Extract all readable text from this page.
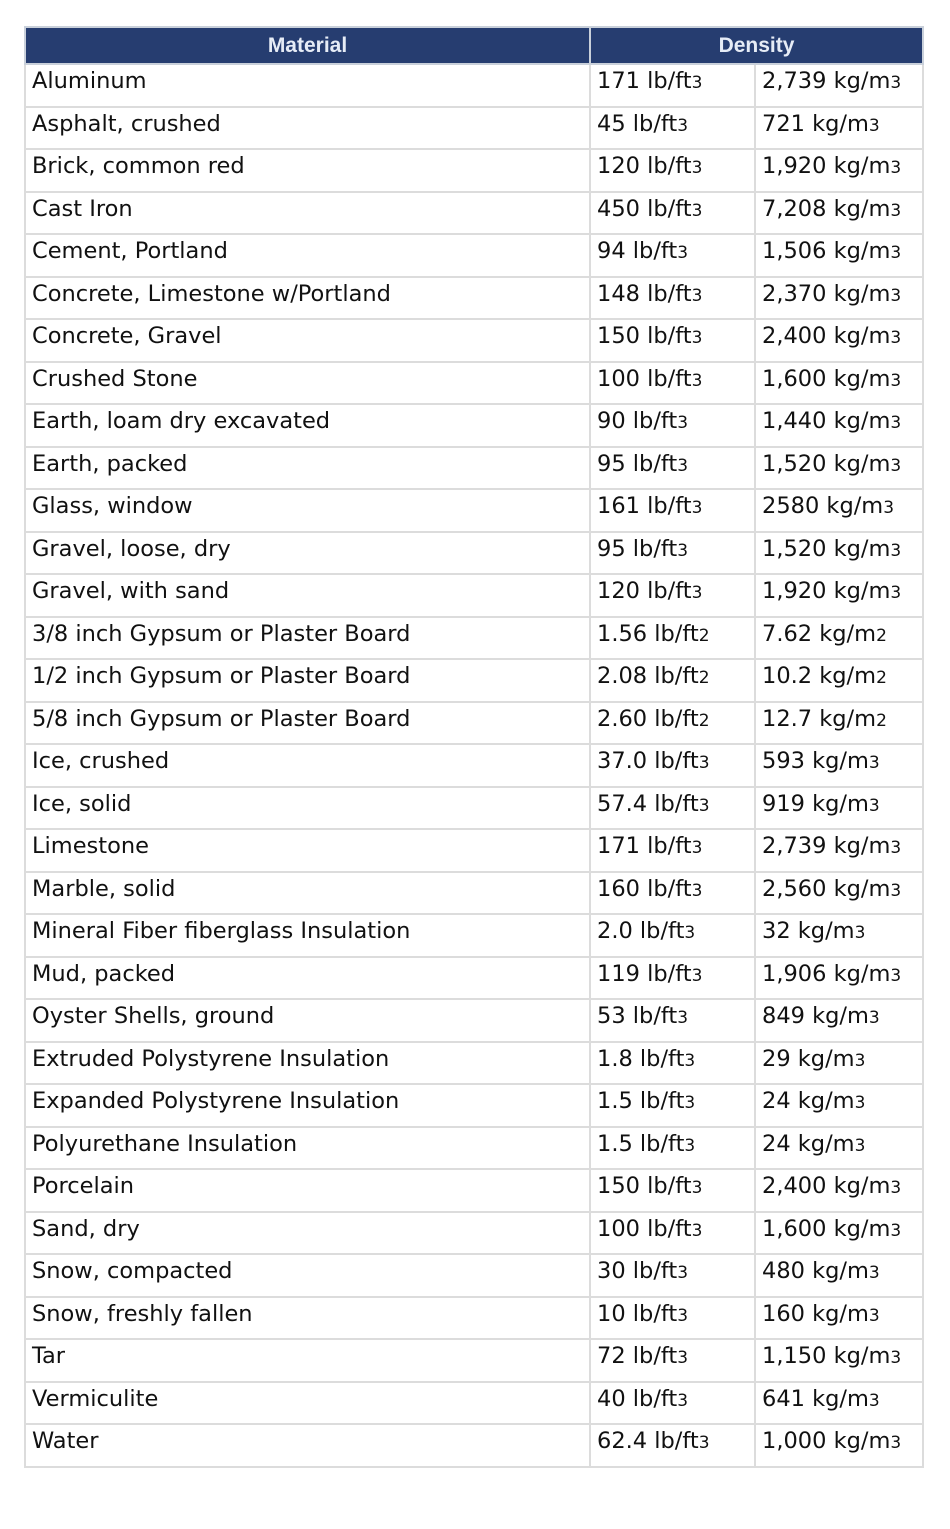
Material	Density	
Aluminum	171 lb/ft3	2,739 kg/m3
Asphalt, crushed	45 lb/ft3	721 kg/m3
Brick, common red	120 lb/ft3	1,920 kg/m3
Cast Iron	450 lb/ft3	7,208 kg/m3
Cement, Portland	94 lb/ft3	1,506 kg/m3
Concrete, Limestone w/Portland	148 lb/ft3	2,370 kg/m3
Concrete, Gravel	150 lb/ft3	2,400 kg/m3
Crushed Stone	100 lb/ft3	1,600 kg/m3
Earth, loam dry excavated	90 lb/ft3	1,440 kg/m3
Earth, packed	95 lb/ft3	1,520 kg/m3
Glass, window	161 lb/ft3	2580 kg/m3
Gravel, loose, dry	95 lb/ft3	1,520 kg/m3
Gravel, with sand	120 lb/ft3	1,920 kg/m3
3/8 inch Gypsum or Plaster Board	1.56 lb/ft2	7.62 kg/m2
1/2 inch Gypsum or Plaster Board	2.08 lb/ft2	10.2 kg/m2
5/8 inch Gypsum or Plaster Board	2.60 lb/ft2	12.7 kg/m2
Ice, crushed	37.0 lb/ft3	593 kg/m3
Ice, solid	57.4 lb/ft3	919 kg/m3
Limestone	171 lb/ft3	2,739 kg/m3
Marble, solid	160 lb/ft3	2,560 kg/m3
Mineral Fiber fiberglass Insulation	2.0 lb/ft3	32 kg/m3
Mud, packed	119 lb/ft3	1,906 kg/m3
Oyster Shells, ground	53 lb/ft3	849 kg/m3
Extruded Polystyrene Insulation	1.8 lb/ft3	29 kg/m3
Expanded Polystyrene Insulation	1.5 lb/ft3	24 kg/m3
Polyurethane Insulation	1.5 lb/ft3	24 kg/m3
Porcelain	150 lb/ft3	2,400 kg/m3
Sand, dry	100 lb/ft3	1,600 kg/m3
Snow, compacted	30 lb/ft3	480 kg/m3
Snow, freshly fallen	10 lb/ft3	160 kg/m3
Tar	72 lb/ft3	1,150 kg/m3
Vermiculite	40 lb/ft3	641 kg/m3
Water	62.4 lb/ft3	1,000 kg/m3
